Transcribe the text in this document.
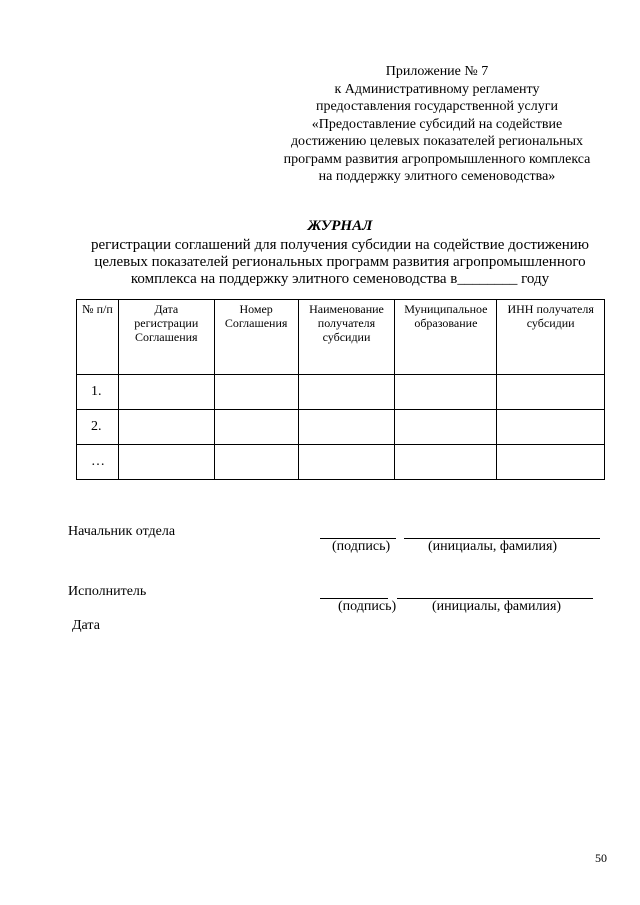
Приложение № 7
к Административному регламенту
предоставления государственной услуги
«Предоставление субсидий на содействие
достижению целевых показателей региональных
программ развития агропромышленного комплекса
на поддержку элитного семеноводства»
ЖУРНАЛ
регистрации соглашений для получения субсидии на содействие достижению
целевых показателей региональных программ развития агропромышленного
комплекса на поддержку элитного семеноводства в________ году
№ п/п	Дата регистрации Соглашения	Номер Соглашения	Наименование получателя субсидии	Муниципальное образование	ИНН получателя субсидии
1.					
2.					
…					
Начальник отдела
(подпись)	(инициалы, фамилия)
Исполнитель
(подпись)	(инициалы, фамилия)
Дата
50
